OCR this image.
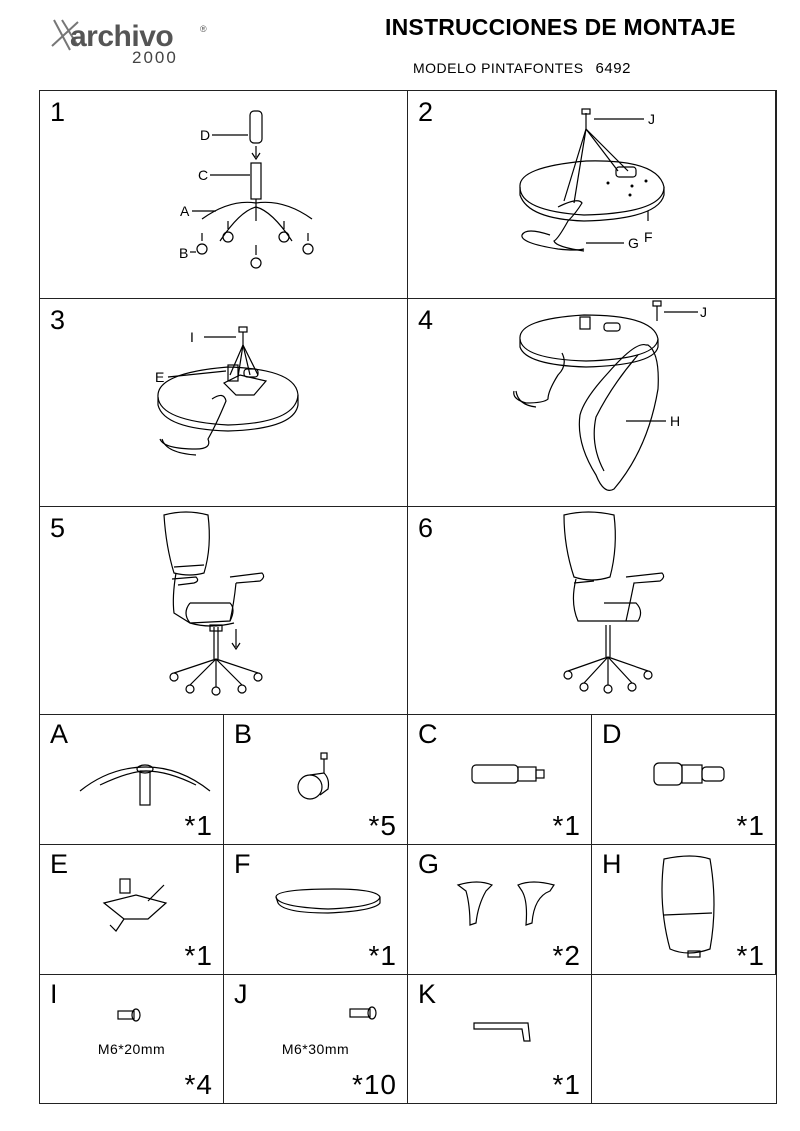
archivo	®
2000
INSTRUCCIONES DE MONTAJE
MODELO PINTAFONTES 6492
1
D
C
A
B
2	J
G F
3
I
E
4	J
H
5	6
A
*1
B
*5
C
*1
D
*1
E
*1
F
*1
G
*2
H
*1
I
M6*20mm
*4
J
M6*30mm
*10
K
*1
